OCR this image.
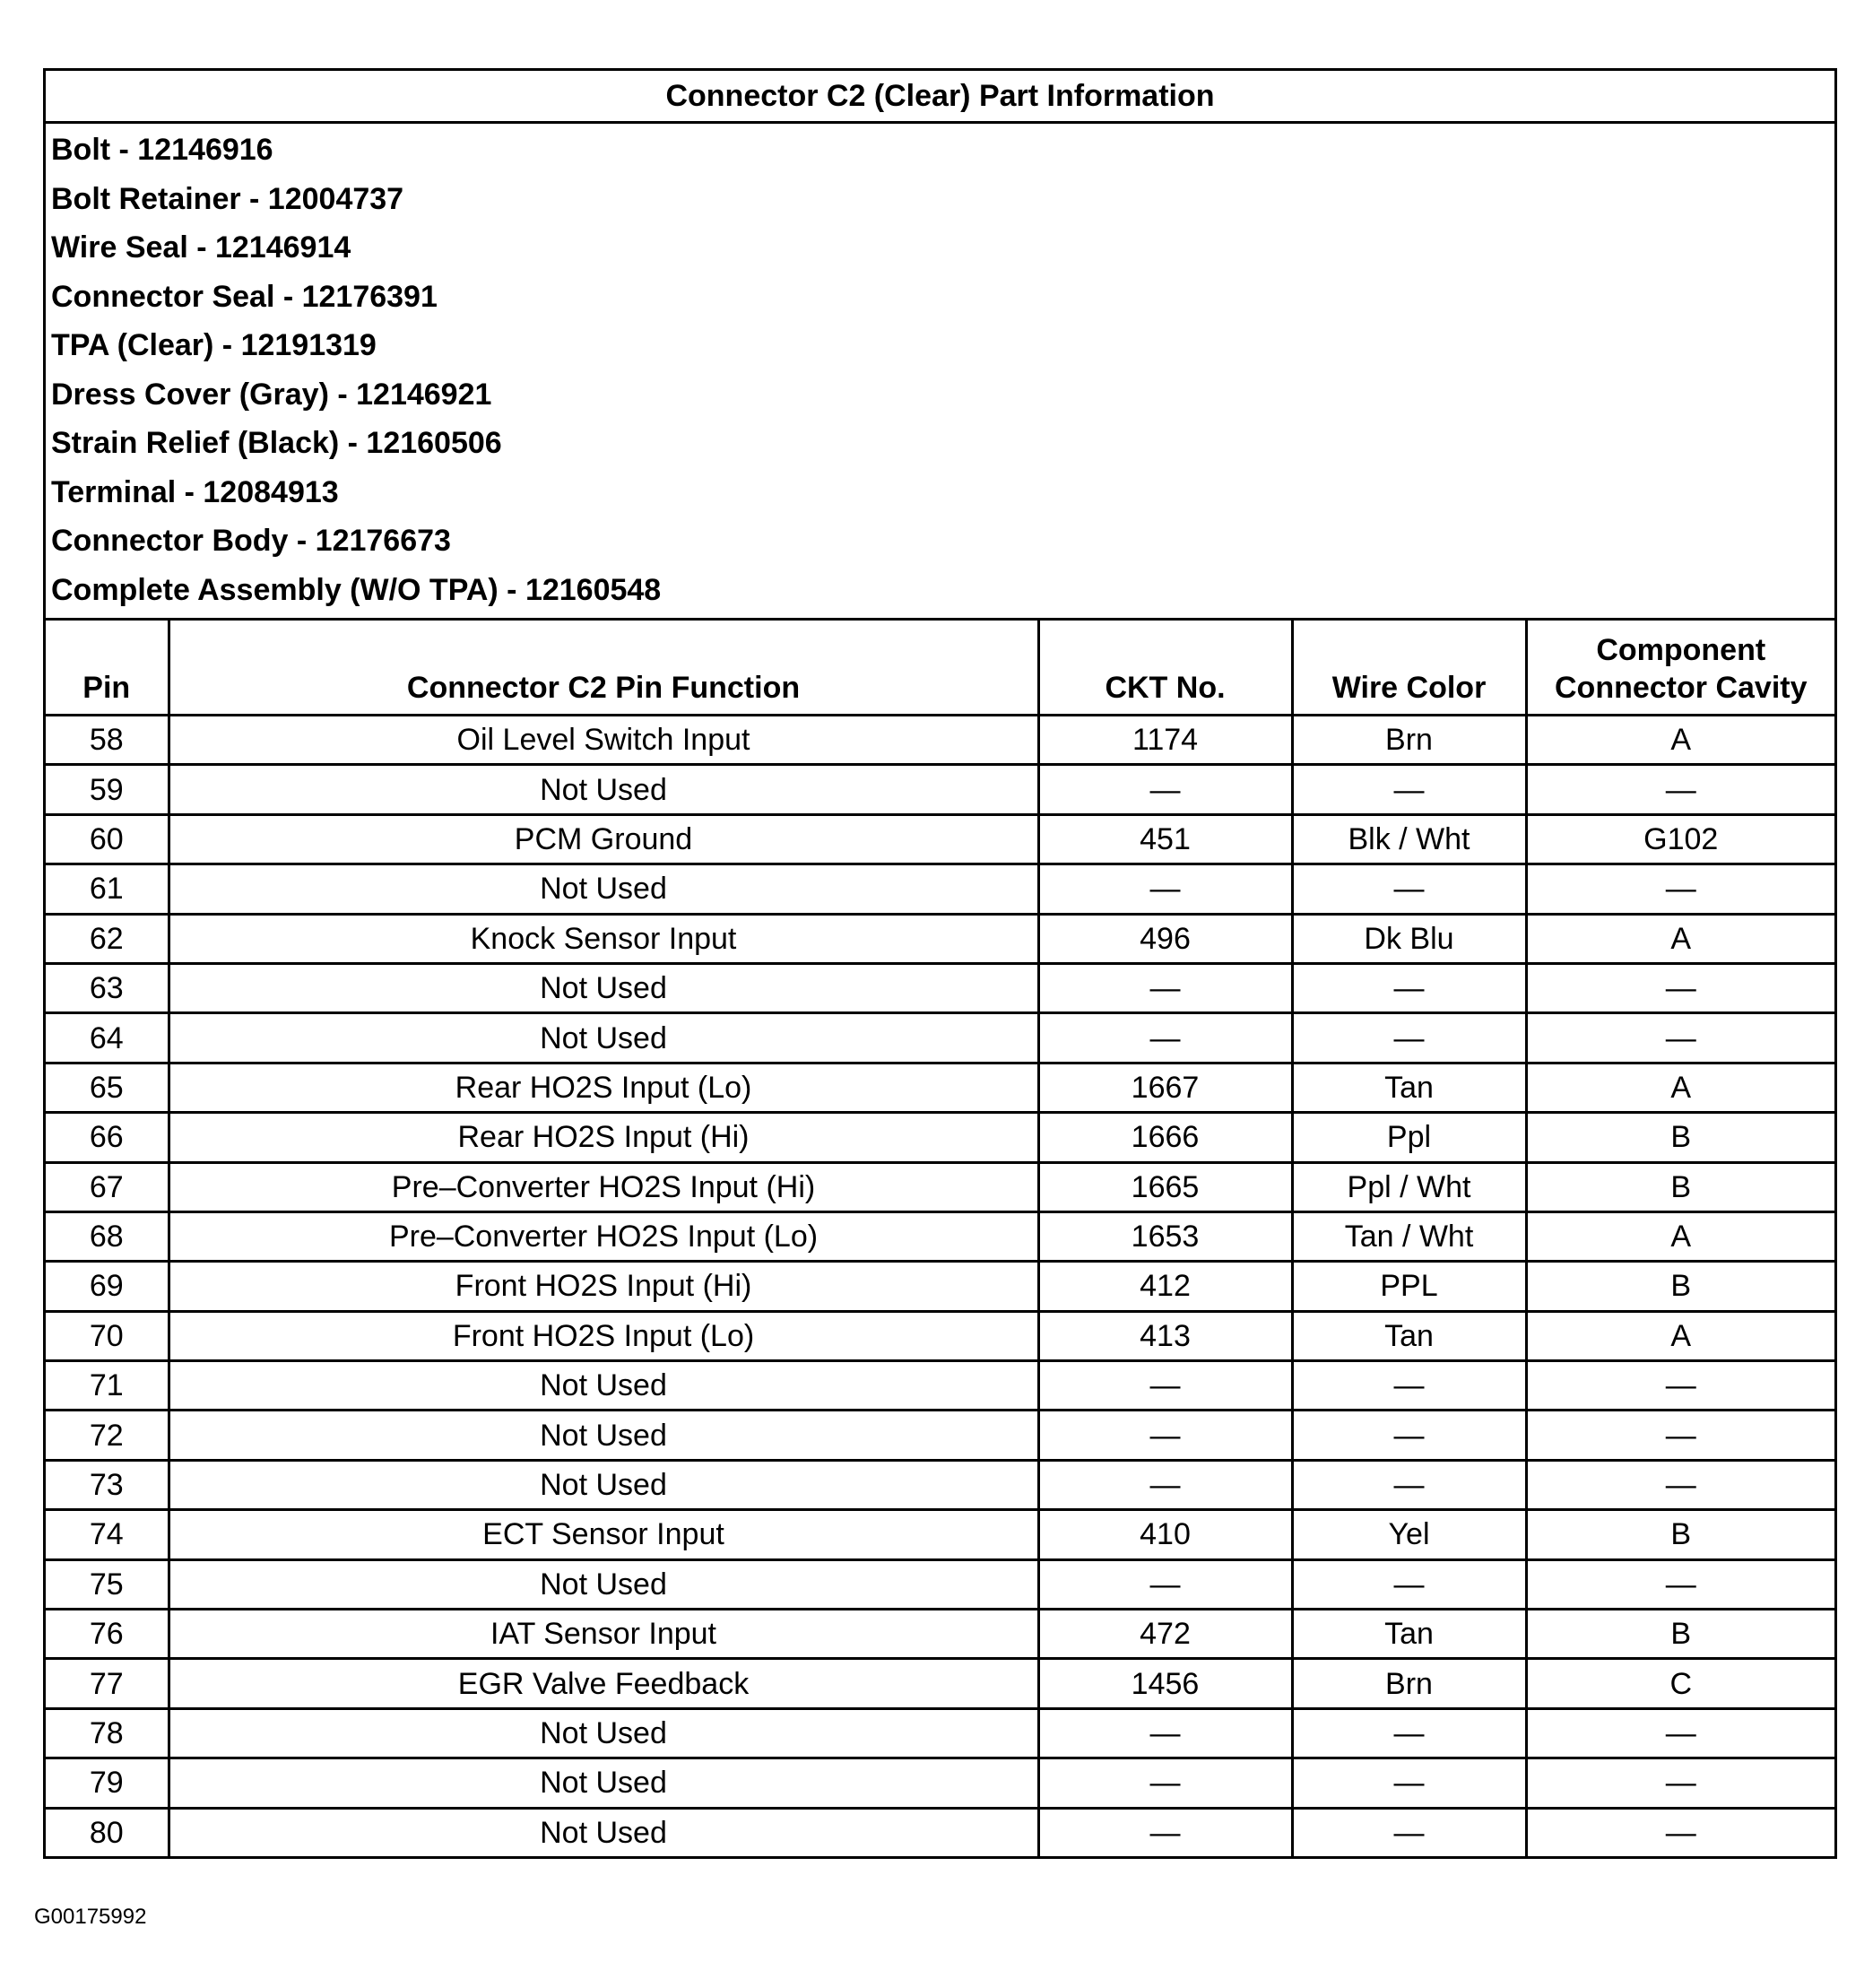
Connector C2 (Clear) Part Information
Bolt - 12146916
Bolt Retainer - 12004737
Wire Seal - 12146914
Connector Seal - 12176391
TPA (Clear) - 12191319
Dress Cover (Gray) - 12146921
Strain Relief (Black) - 12160506
Terminal - 12084913
Connector Body - 12176673
Complete Assembly (W/O TPA) - 12160548
Pin	Connector C2 Pin Function	CKT No.	Wire Color	Component
Connector Cavity
58	Oil Level Switch Input	1174	Brn	A
59	Not Used	—	—	—
60	PCM Ground	451	Blk / Wht	G102
61	Not Used	—	—	—
62	Knock Sensor Input	496	Dk Blu	A
63	Not Used	—	—	—
64	Not Used	—	—	—
65	Rear HO2S Input (Lo)	1667	Tan	A
66	Rear HO2S Input (Hi)	1666	Ppl	B
67	Pre–Converter HO2S Input (Hi)	1665	Ppl / Wht	B
68	Pre–Converter HO2S Input (Lo)	1653	Tan / Wht	A
69	Front HO2S Input (Hi)	412	PPL	B
70	Front HO2S Input (Lo)	413	Tan	A
71	Not Used	—	—	—
72	Not Used	—	—	—
73	Not Used	—	—	—
74	ECT Sensor Input	410	Yel	B
75	Not Used	—	—	—
76	IAT Sensor Input	472	Tan	B
77	EGR Valve Feedback	1456	Brn	C
78	Not Used	—	—	—
79	Not Used	—	—	—
80	Not Used	—	—	—
G00175992
